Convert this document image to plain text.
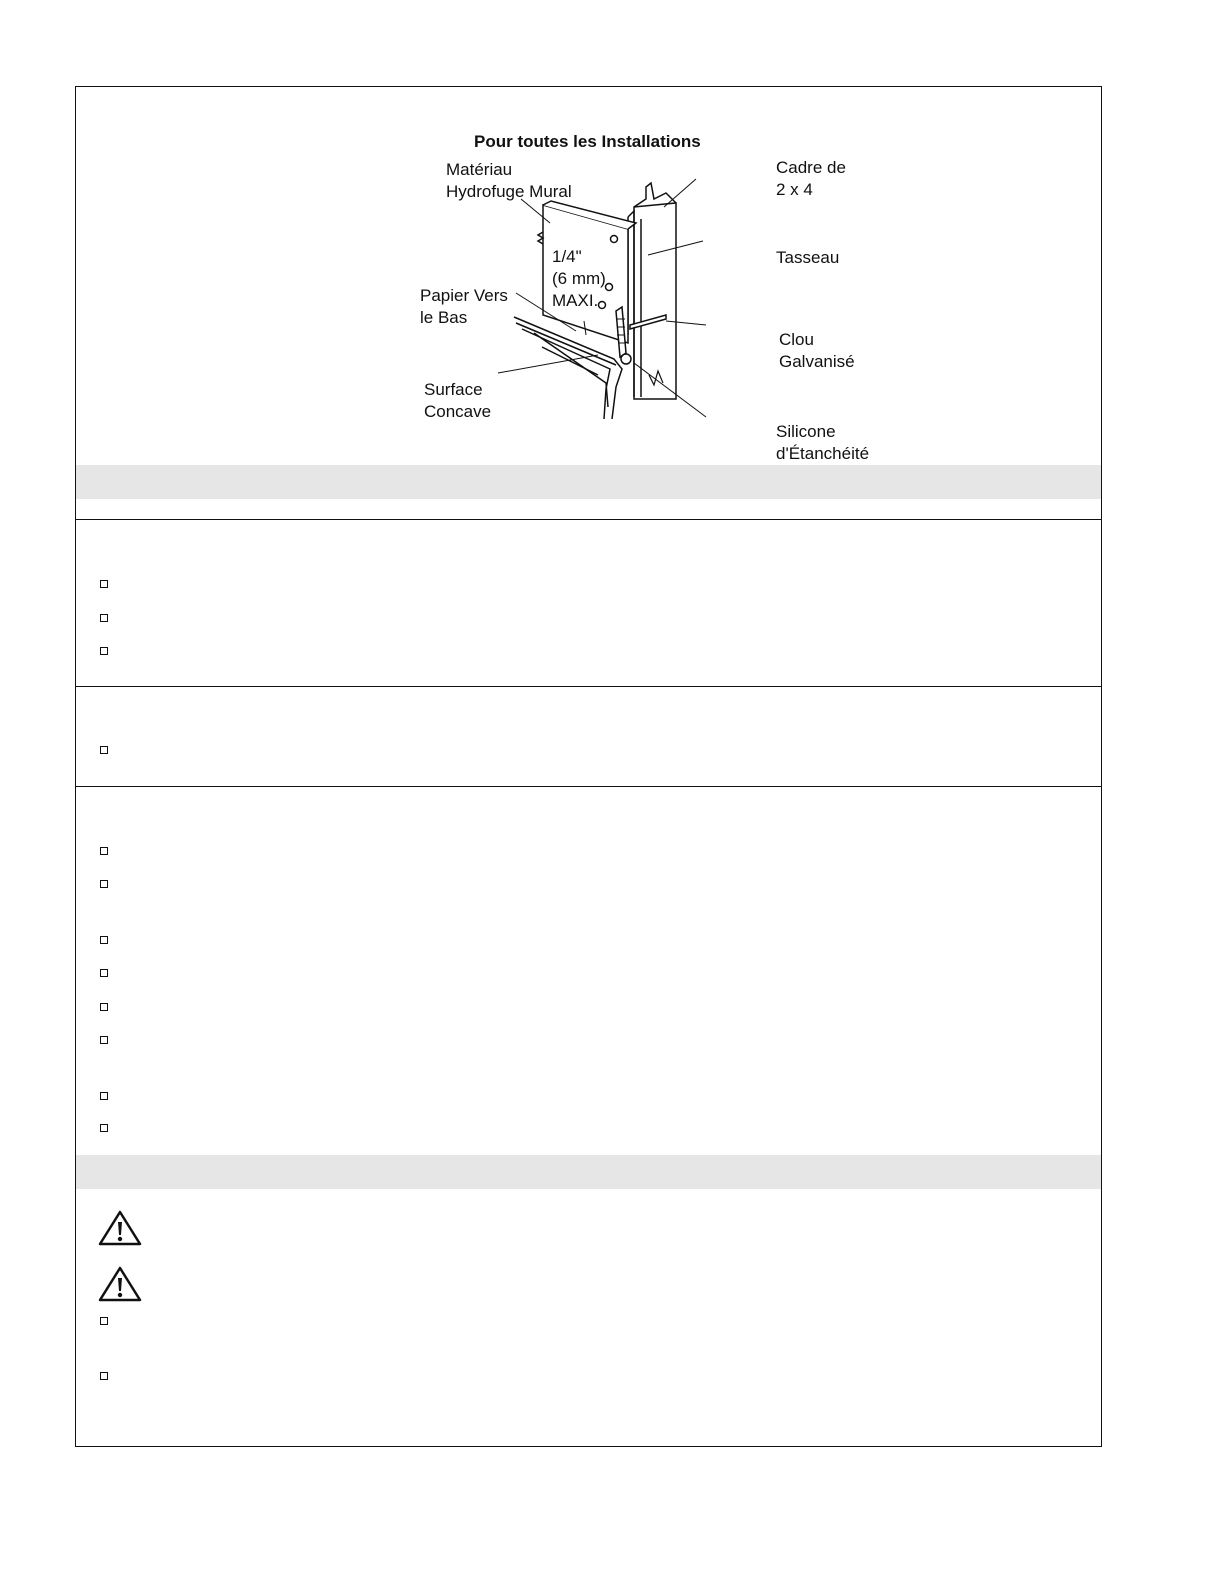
Pour toutes les Installations
Matériau
Hydrofuge Mural
Cadre de
2 x 4
Tasseau
1/4"
(6 mm)
MAXI.
Papier Vers
le Bas
Clou
Galvanisé
Surface
Concave
Silicone
d'Étanchéité
